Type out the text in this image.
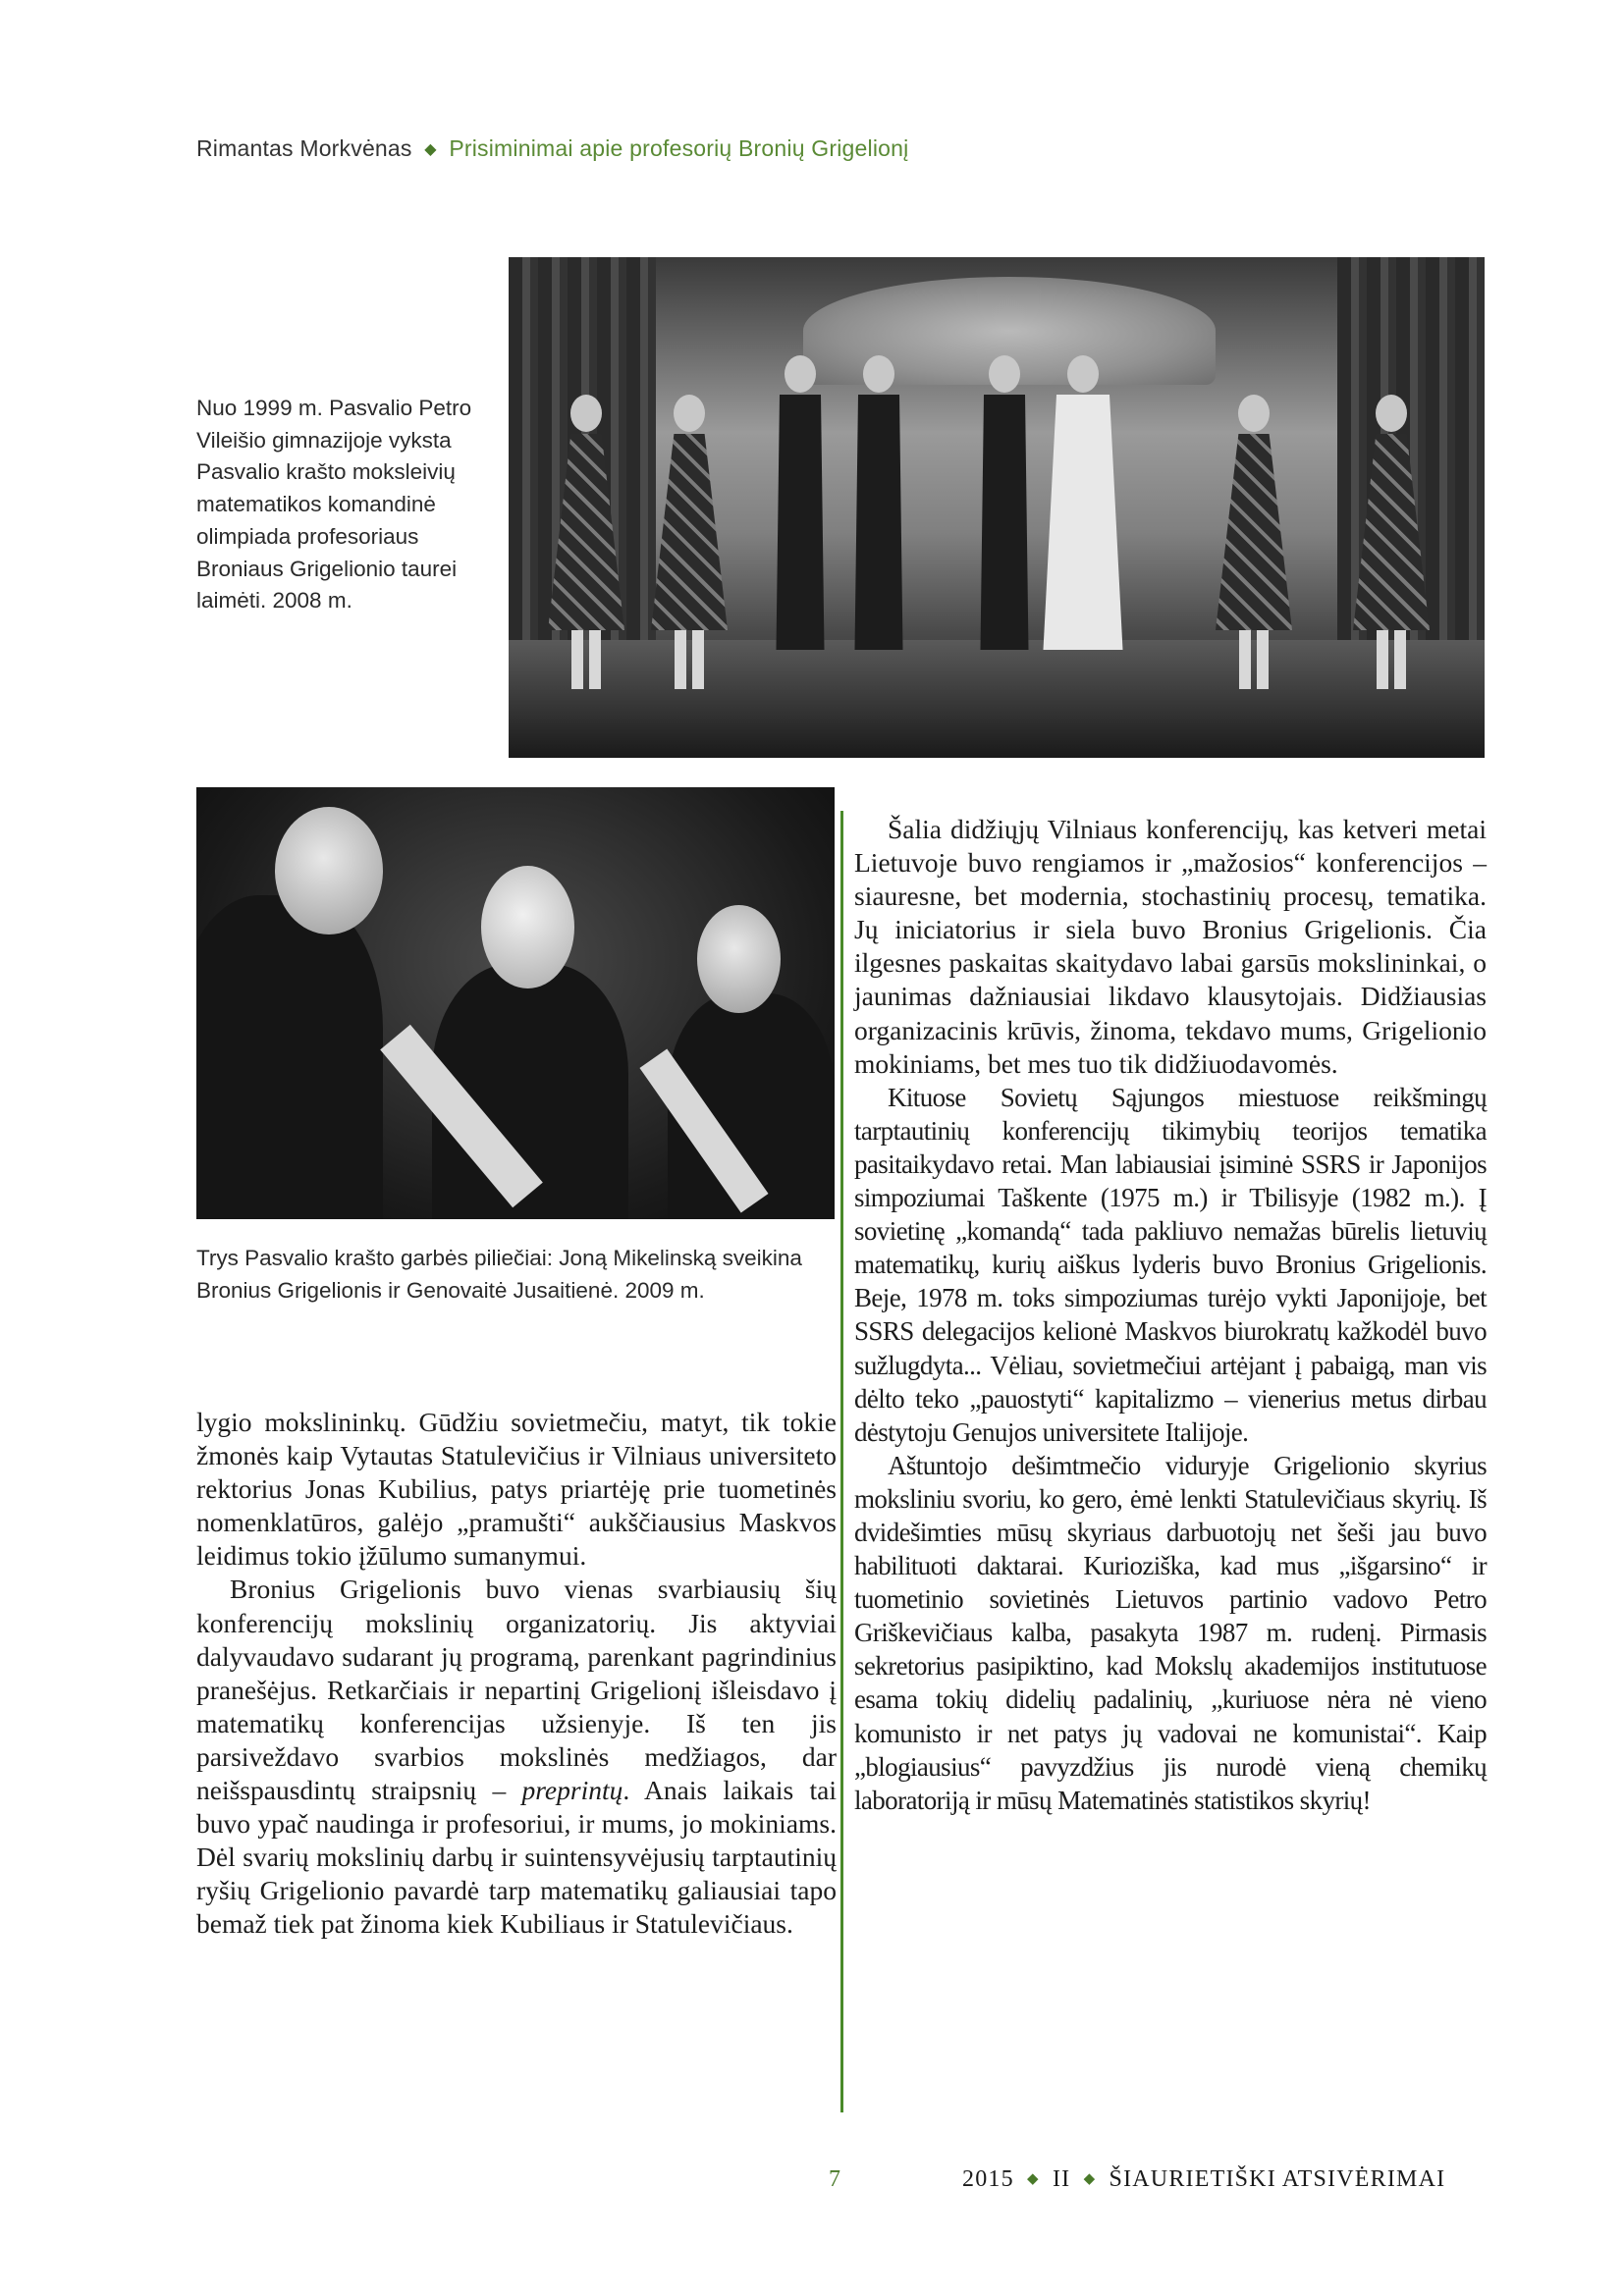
Rimantas Morkvėnas ◆ Prisiminimai apie profesorių Bronių Grigelionį
Nuo 1999 m. Pasvalio Petro Vileišio gimnazijoje vyksta Pasvalio krašto moksleivių matematikos komandinė olimpiada profesoriaus Broniaus Grigelionio taurei laimėti. 2008 m.
Trys Pasvalio krašto garbės piliečiai: Joną Mikelinską sveikina Bronius Grigelionis ir Genovaitė Jusaitienė. 2009 m.

lygio mokslininkų. Gūdžiu sovietmečiu, matyt, tik tokie žmonės kaip Vytautas Statulevičius ir Vilniaus universiteto rektorius Jonas Kubilius, patys priartėję prie tuometinės nomenklatūros, galėjo „pramušti“ aukščiausius Maskvos leidimus tokio įžūlumo sumanymui.

Bronius Grigelionis buvo vienas svarbiausių šių konferencijų mokslinių organizatorių. Jis aktyviai dalyvaudavo sudarant jų programą, parenkant pagrindinius pranešėjus. Retkarčiais ir nepartinį Grigelionį išleisdavo į matematikų konferencijas užsienyje. Iš ten jis parsiveždavo svarbios mokslinės medžiagos, dar neišspausdintų straipsnių – preprintų. Anais laikais tai buvo ypač naudinga ir profesoriui, ir mums, jo mokiniams. Dėl svarių mokslinių darbų ir suintensyvėjusių tarptautinių ryšių Grigelionio pavardė tarp matematikų galiausiai tapo bemaž tiek pat žinoma kiek Kubiliaus ir Statulevičiaus.

Šalia didžiųjų Vilniaus konferencijų, kas ketveri metai Lietuvoje buvo rengiamos ir „mažosios“ konferencijos – siauresne, bet modernia, stochastinių procesų, tematika. Jų iniciatorius ir siela buvo Bronius Grigelionis. Čia ilgesnes paskaitas skaitydavo labai garsūs mokslininkai, o jaunimas dažniausiai likdavo klausytojais. Didžiausias organizacinis krūvis, žinoma, tekdavo mums, Grigelionio mokiniams, bet mes tuo tik didžiuodavomės.

Kituose Sovietų Sąjungos miestuose reikšmingų tarptautinių konferencijų tikimybių teorijos tematika pasitaikydavo retai. Man labiausiai įsiminė SSRS ir Japonijos simpoziumai Taškente (1975 m.) ir Tbilisyje (1982 m.). Į sovietinę „komandą“ tada pakliuvo nemažas būrelis lietuvių matematikų, kurių aiškus lyderis buvo Bronius Grigelionis. Beje, 1978 m. toks simpoziumas turėjo vykti Japonijoje, bet SSRS delegacijos kelionė Maskvos biurokratų kažkodėl buvo sužlugdyta... Vėliau, sovietmečiui artėjant į pabaigą, man vis dėlto teko „pauostyti“ kapitalizmo – vienerius metus dirbau dėstytoju Genujos universitete Italijoje.

Aštuntojo dešimtmečio viduryje Grigelionio skyrius moksliniu svoriu, ko gero, ėmė lenkti Statulevičiaus skyrių. Iš dvidešimties mūsų skyriaus darbuotojų net šeši jau buvo habilituoti daktarai. Kurioziška, kad mus „išgarsino“ ir tuometinio sovietinės Lietuvos partinio vadovo Petro Griškevičiaus kalba, pasakyta 1987 m. rudenį. Pirmasis sekretorius pasipiktino, kad Mokslų akademijos institutuose esama tokių didelių padalinių, „kuriuose nėra nė vieno komunisto ir net patys jų vadovai ne komunistai“. Kaip „blogiausius“ pavyzdžius jis nurodė vieną chemikų laboratoriją ir mūsų Matematinės statistikos skyrių!

7	2015 ◆ II ◆ ŠIAURIETIŠKI ATSIVĖRIMAI
